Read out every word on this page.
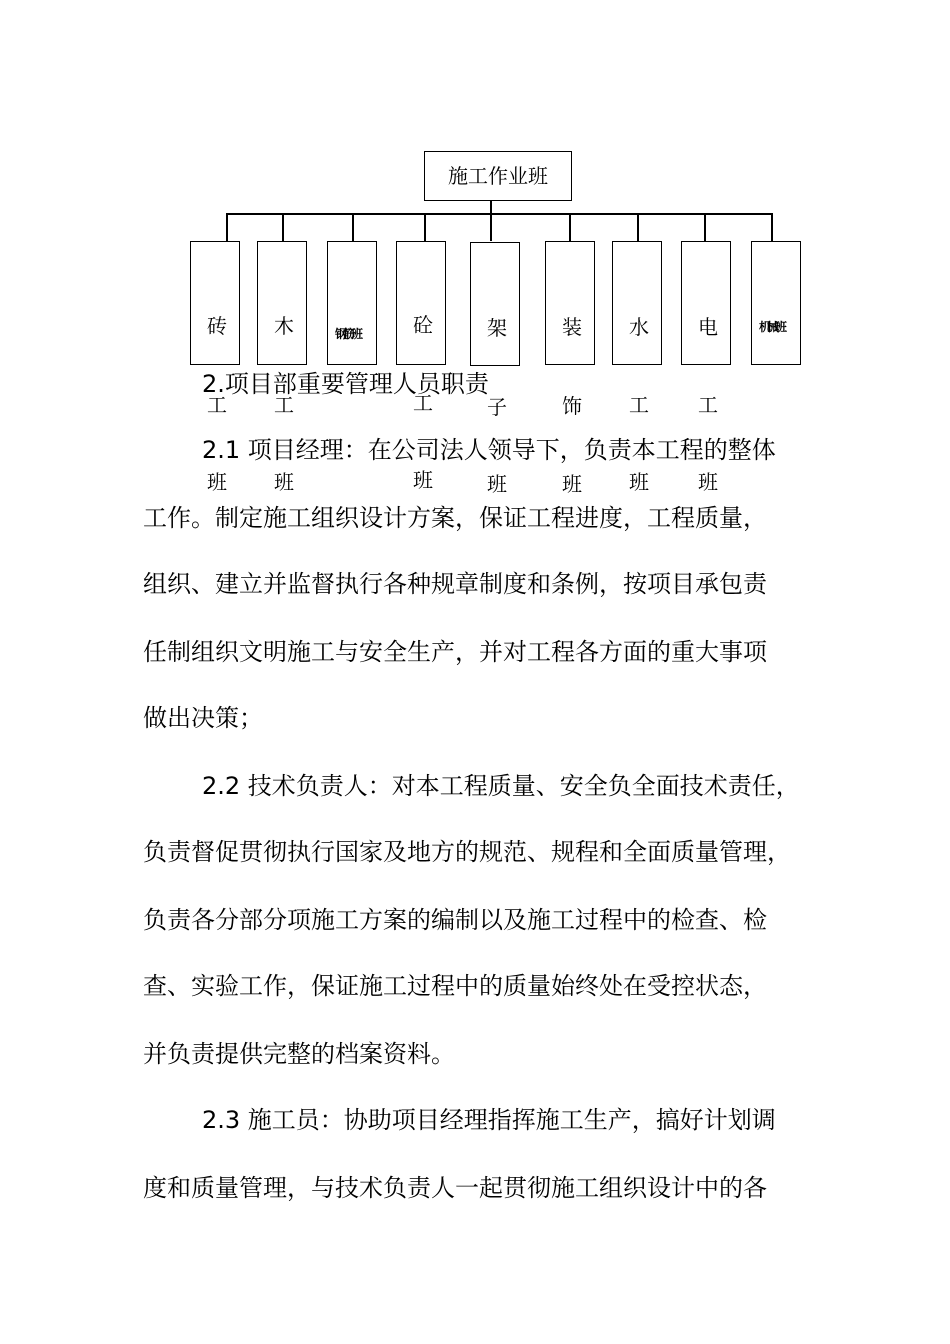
施工作业班
砖 木	钢筋班	砼	架	装 水 电	机械班
工
班
工
班
工
班
子
班
饰
班
工
班
工
班
2.项目部重要管理人员职责
2.1 项目经理：在公司法人领导下，负责本工程的整体
工作。制定施工组织设计方案，保证工程进度，工程质量，
组织、建立并监督执行各种规章制度和条例，按项目承包责
任制组织文明施工与安全生产，并对工程各方面的重大事项
做出决策；
2.2 技术负责人：对本工程质量、安全负全面技术责任，
负责督促贯彻执行国家及地方的规范、规程和全面质量管理，
负责各分部分项施工方案的编制以及施工过程中的检查、检
查、实验工作，保证施工过程中的质量始终处在受控状态，
并负责提供完整的档案资料。
2.3 施工员：协助项目经理指挥施工生产，搞好计划调
度和质量管理，与技术负责人一起贯彻施工组织设计中的各
